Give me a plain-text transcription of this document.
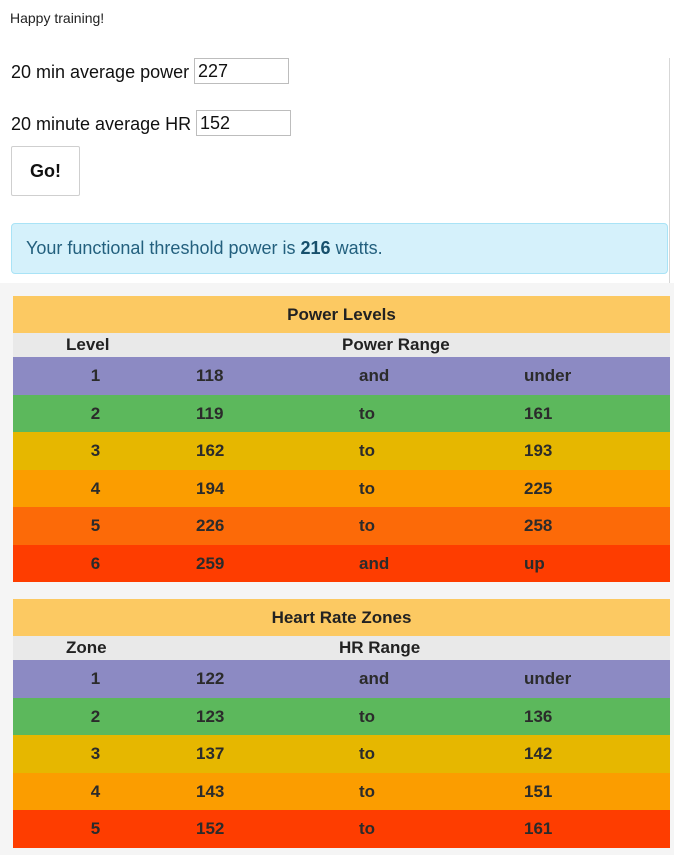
Happy training!
20 min average power
227
20 minute average HR
152
Go!
Your functional threshold power is 216 watts.
Power Levels
Level	Power Range
1	118	and	under
2	119	to	161
3	162	to	193
4	194	to	225
5	226	to	258
6	259	and	up
Heart Rate Zones
Zone	HR Range
1	122	and	under
2	123	to	136
3	137	to	142
4	143	to	151
5	152	to	161
